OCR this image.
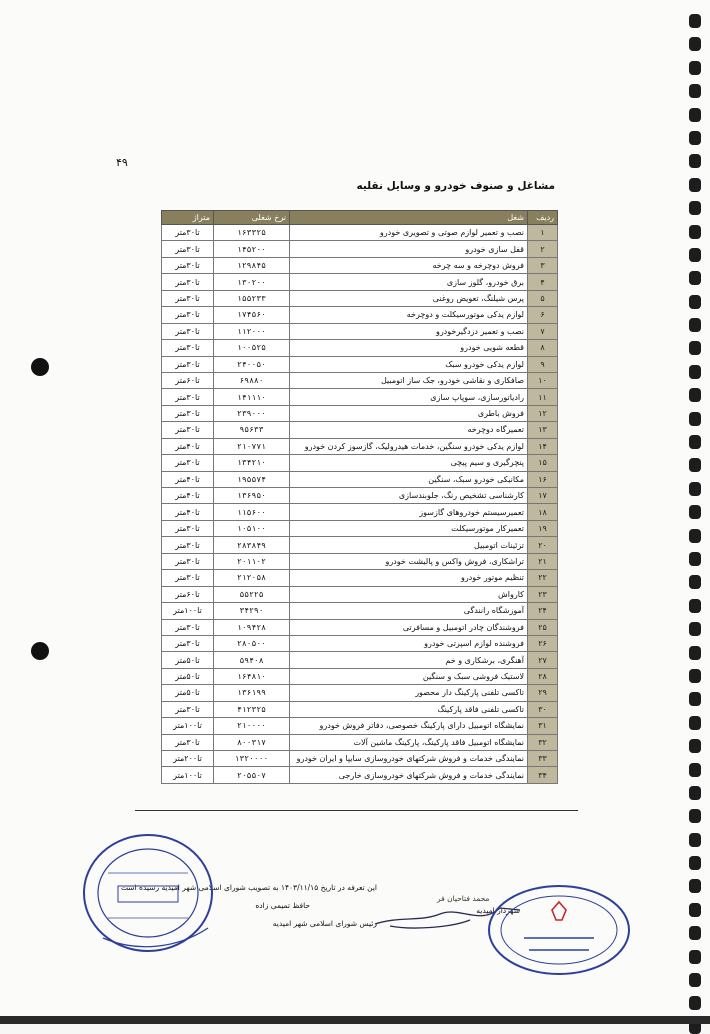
۴۹
مشاغل و صنوف خودرو و وسایل نقلیه
ردیف	شغل	نرخ شغلی	متراژ
۱	نصب و تعمیر لوازم صوتی و تصویری خودرو	۱۶۳۳۲۵	تا۳۰متر
۲	قفل سازی خودرو	۱۴۵۲۰۰	تا۳۰متر
۳	فروش دوچرخه و سه چرخه	۱۲۹۸۴۵	تا۳۰متر
۴	برق خودرو، گلوز سازی	۱۳۰۲۰۰	تا۳۰متر
۵	پرس شیلنگ، تعویض روغنی	۱۵۵۲۳۳	تا۳۰متر
۶	لوازم یدکی موتورسیکلت و دوچرخه	۱۷۴۵۶۰	تا۳۰متر
۷	نصب و تعمیر دزدگیرخودرو	۱۱۲۰۰۰	تا۳۰متر
۸	قطعه شویی خودرو	۱۰۰۵۲۵	تا۳۰متر
۹	لوازم یدکی خودرو سبک	۲۴۰۰۵۰	تا۳۰متر
۱۰	صافکاری و نقاشی خودرو، جک ساز اتومبیل	۶۹۸۸۰	تا۶۰متر
۱۱	رادیاتورسازی، سوپاپ سازی	۱۴۱۱۱۰	تا۳۰متر
۱۲	فروش باطری	۲۳۹۰۰۰	تا۳۰متر
۱۳	تعمیرگاه دوچرخه	۹۵۶۳۳	تا۳۰متر
۱۴	لوازم یدکی خودرو سنگین، خدمات هیدرولیک، گازسوز کردن خودرو	۲۱۰۷۷۱	تا۴۰متر
۱۵	پنچرگیری و سیم پیچی	۱۳۴۲۱۰	تا۳۰متر
۱۶	مکانیکی خودرو سبک، سنگین	۱۹۵۵۷۴	تا۴۰متر
۱۷	کارشناسی تشخیص رنگ، جلوبندسازی	۱۳۶۹۵۰	تا۴۰متر
۱۸	تعمیرسیستم خودروهای گازسوز	۱۱۵۶۰۰	تا۴۰متر
۱۹	تعمیرکار موتورسیکلت	۱۰۵۱۰۰	تا۳۰متر
۲۰	تزئینات اتومبیل	۲۸۳۸۴۹	تا۳۰متر
۲۱	تراشکاری، فروش واکس و پالیشت خودرو	۲۰۱۱۰۲	تا۳۰متر
۲۲	تنظیم موتور خودرو	۲۱۲۰۵۸	تا۳۰متر
۲۳	کارواش	۵۵۲۲۵	تا۶۰متر
۲۴	آموزشگاه رانندگی	۳۴۲۹۰	تا۱۰۰متر
۲۵	فروشندگان چادر اتومبیل و مسافرتی	۱۰۹۴۲۸	تا۳۰متر
۲۶	فروشنده لوازم اسپرتی خودرو	۲۸۰۵۰۰	تا۳۰متر
۲۷	آهنگری، برشکاری و خم	۵۹۴۰۸	تا۵۰متر
۲۸	لاستیک فروشی سبک و سنگین	۱۶۴۸۱۰	تا۵۰متر
۲۹	تاکسی تلفنی پارکینگ دار محصور	۱۳۶۱۹۹	تا۵۰متر
۳۰	تاکسی تلفنی فاقد پارکینگ	۴۱۲۳۲۵	تا۳۰متر
۳۱	نمایشگاه اتومبیل دارای پارکینگ خصوصی، دفاتر فروش خودرو	۲۱۰۰۰۰	تا۱۰۰متر
۳۲	نمایشگاه اتومبیل فاقد پارکینگ، پارکینگ ماشین آلات	۸۰۰۳۱۷	تا۳۰متر
۳۳	نمایندگی خدمات و فروش شرکتهای خودروسازی سایپا و ایران خودرو	۱۳۲۰۰۰۰	تا۲۰۰متر
۳۴	نمایندگی خدمات و فروش شرکتهای خودروسازی خارجی	۲۰۵۵۰۷	تا۱۰۰متر
این تعرفه در تاریخ ۱۴۰۳/۱۱/۱۵ به تصویب شورای اسلامی شهر امیدیه رسیده است
حافظ تمیمی زاده
رئیس شورای اسلامی شهر امیدیه
محمد فتاحیان فر
شهردار امیدیه
